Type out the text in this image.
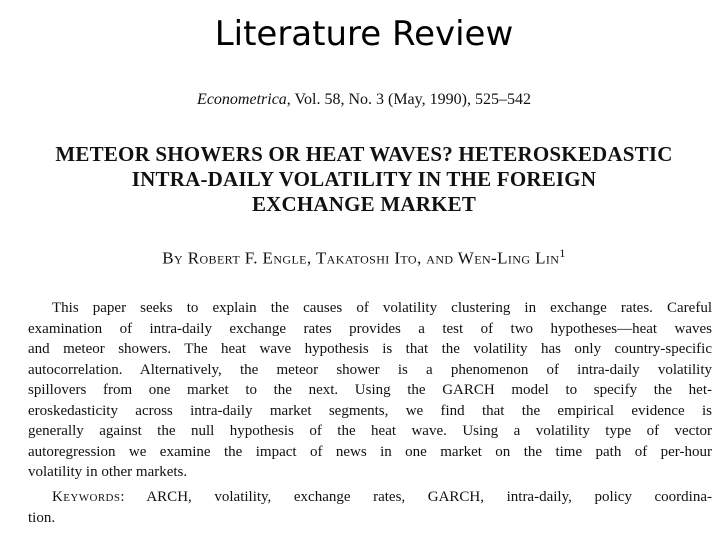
Literature Review
Econometrica, Vol. 58, No. 3 (May, 1990), 525–542
METEOR SHOWERS OR HEAT WAVES? HETEROSKEDASTIC
INTRA-DAILY VOLATILITY IN THE FOREIGN
EXCHANGE MARKET
By Robert F. Engle, Takatoshi Ito, and Wen-Ling Lin$^1$
This paper seeks to explain the causes of volatility clustering in exchange rates. Careful
examination of intra-daily exchange rates provides a test of two hypotheses—heat waves
and meteor showers. The heat wave hypothesis is that the volatility has only country-specific
autocorrelation. Alternatively, the meteor shower is a phenomenon of intra-daily volatility
spillovers from one market to the next. Using the GARCH model to specify the het-
eroskedasticity across intra-daily market segments, we find that the empirical evidence is
generally against the null hypothesis of the heat wave. Using a volatility type of vector
autoregression we examine the impact of news in one market on the time path of per-hour
volatility in other markets.
Keywords: ARCH, volatility, exchange rates, GARCH, intra-daily, policy coordina-
tion.
